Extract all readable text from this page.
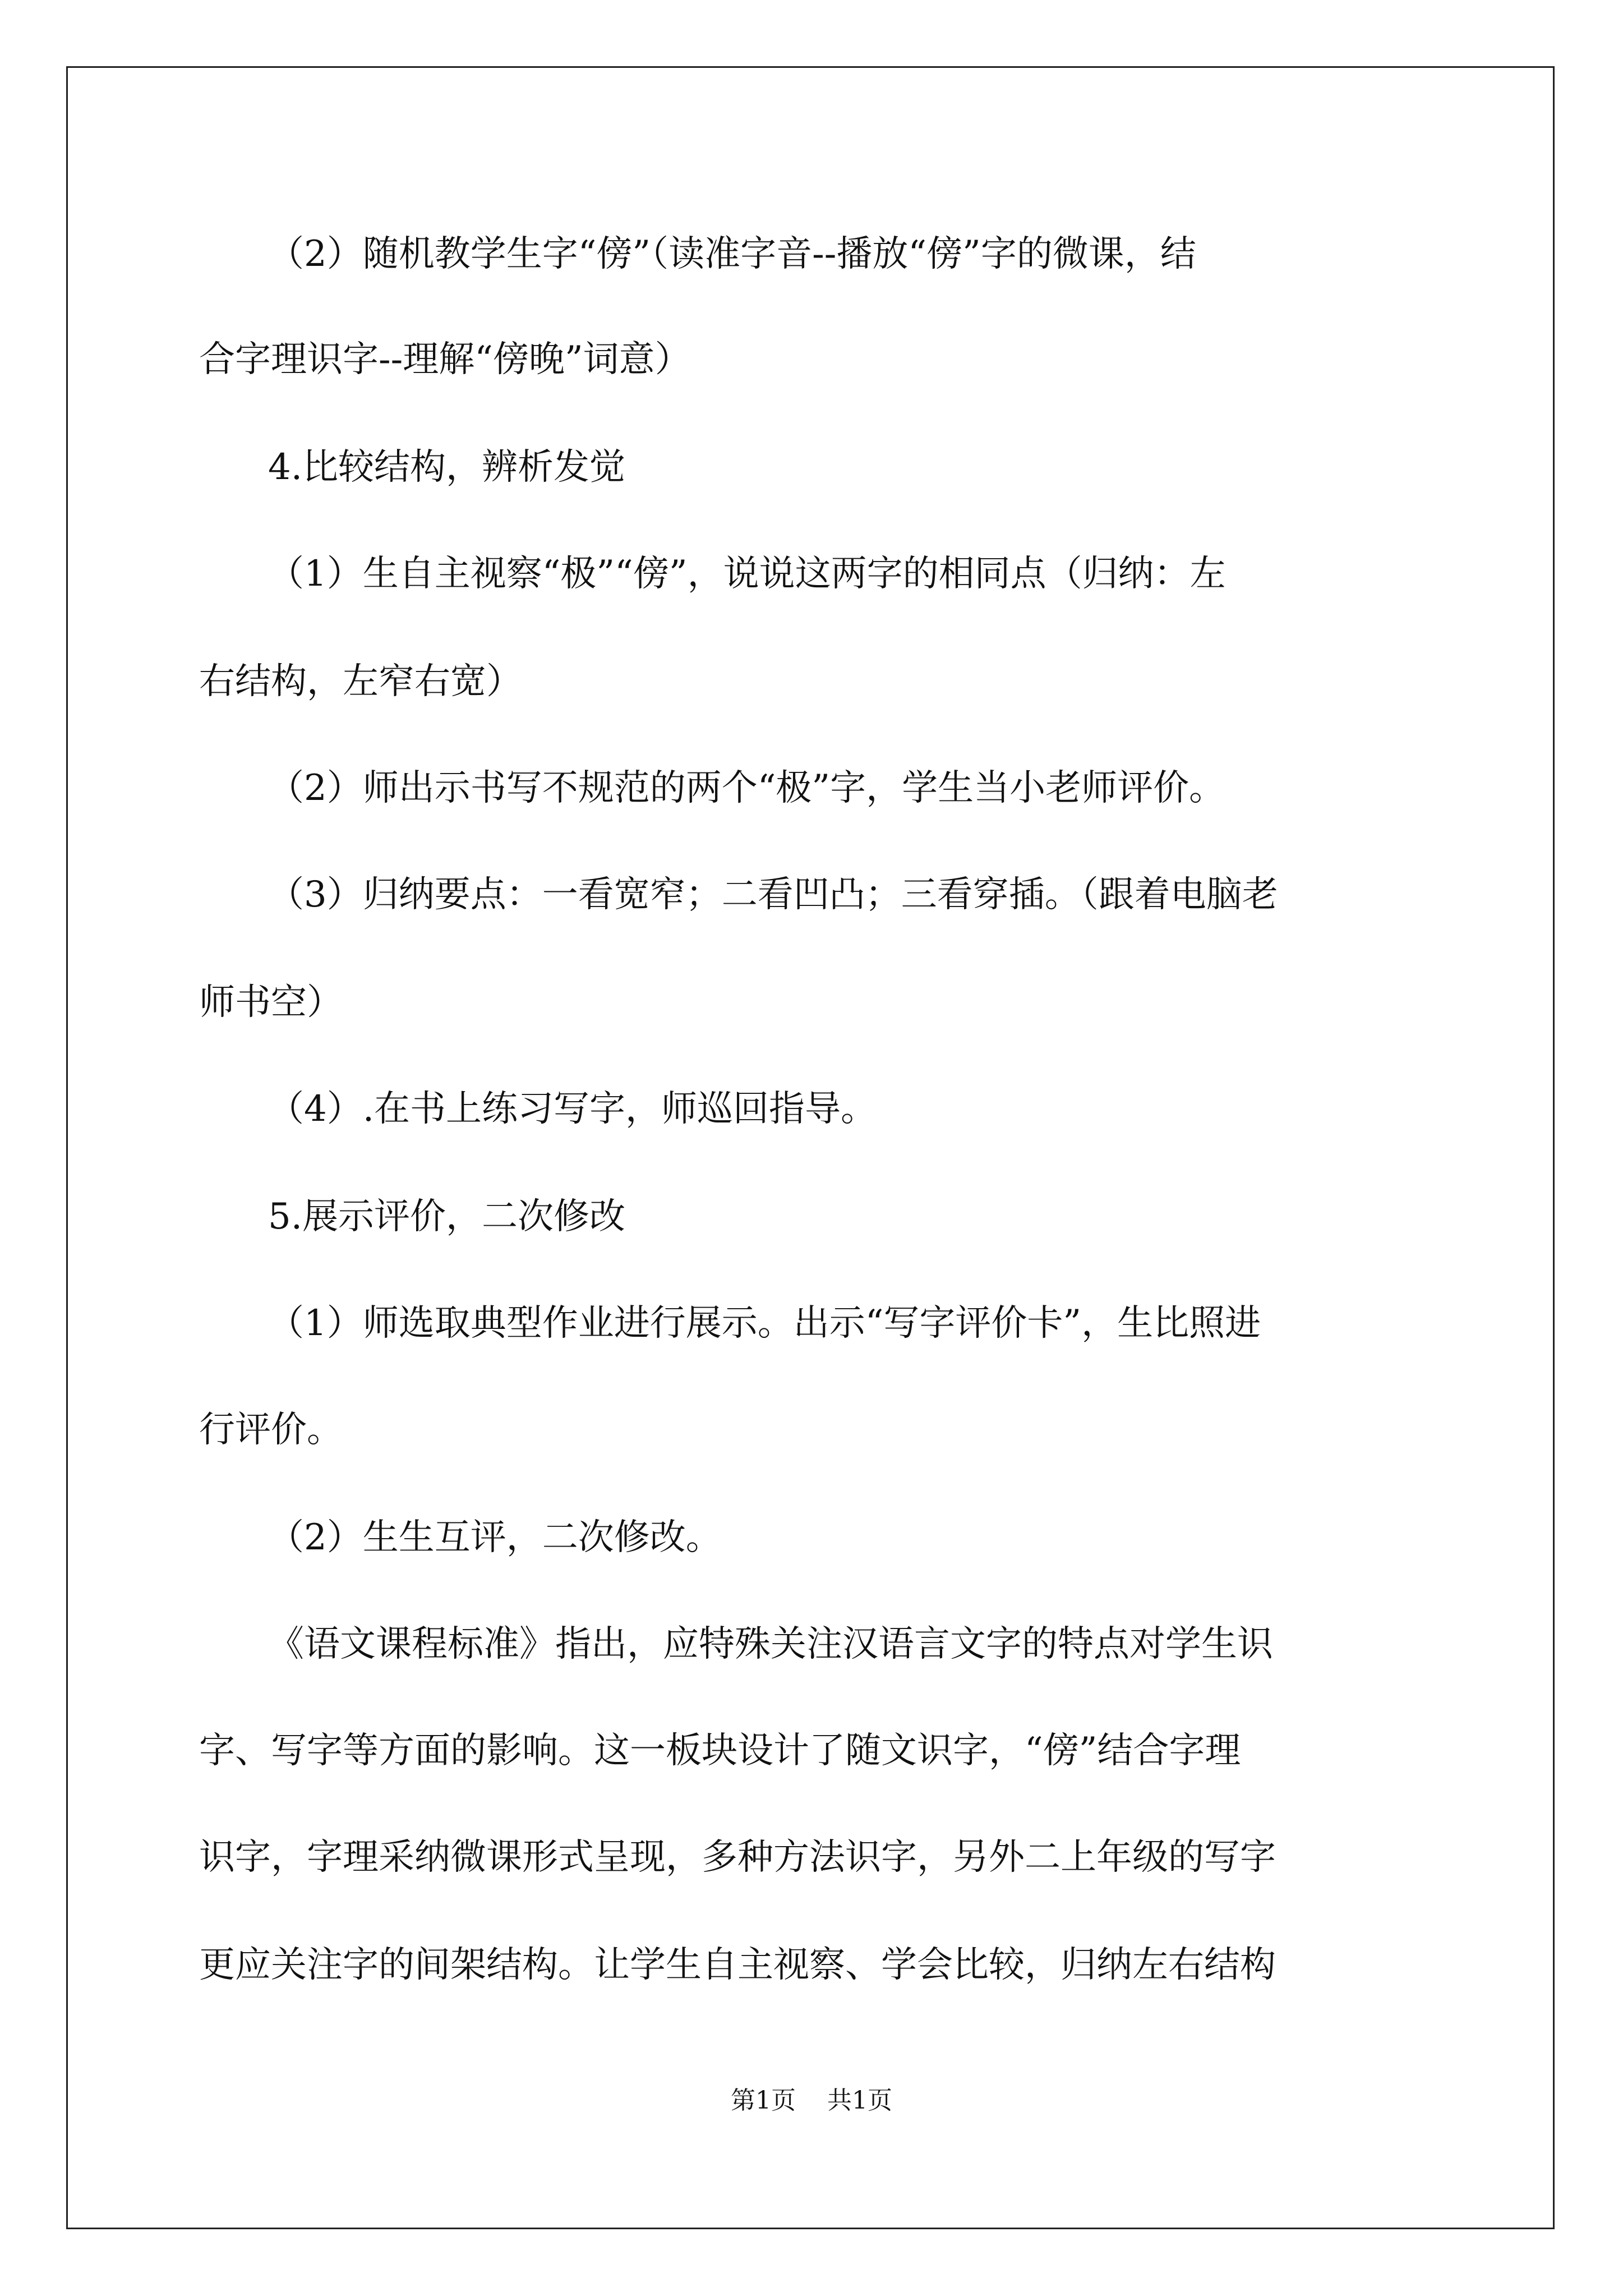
（2）随机教学生字“傍”（读准字音--播放“傍”字的微课，结
合字理识字--理解“傍晚”词意）
4.比较结构，辨析发觉
（1）生自主视察“极”“傍”，说说这两字的相同点（归纳：左
右结构，左窄右宽）
（2）师出示书写不规范的两个“极”字，学生当小老师评价。
（3）归纳要点：一看宽窄；二看凹凸；三看穿插。（跟着电脑老
师书空）
（4）.在书上练习写字，师巡回指导。
5.展示评价，二次修改
（1）师选取典型作业进行展示。出示“写字评价卡”，生比照进
行评价。
（2）生生互评，二次修改。
《语文课程标准》指出，应特殊关注汉语言文字的特点对学生识
字、写字等方面的影响。这一板块设计了随文识字，“傍”结合字理
识字，字理采纳微课形式呈现，多种方法识字，另外二上年级的写字
更应关注字的间架结构。让学生自主视察、学会比较，归纳左右结构
第1页 共1页
